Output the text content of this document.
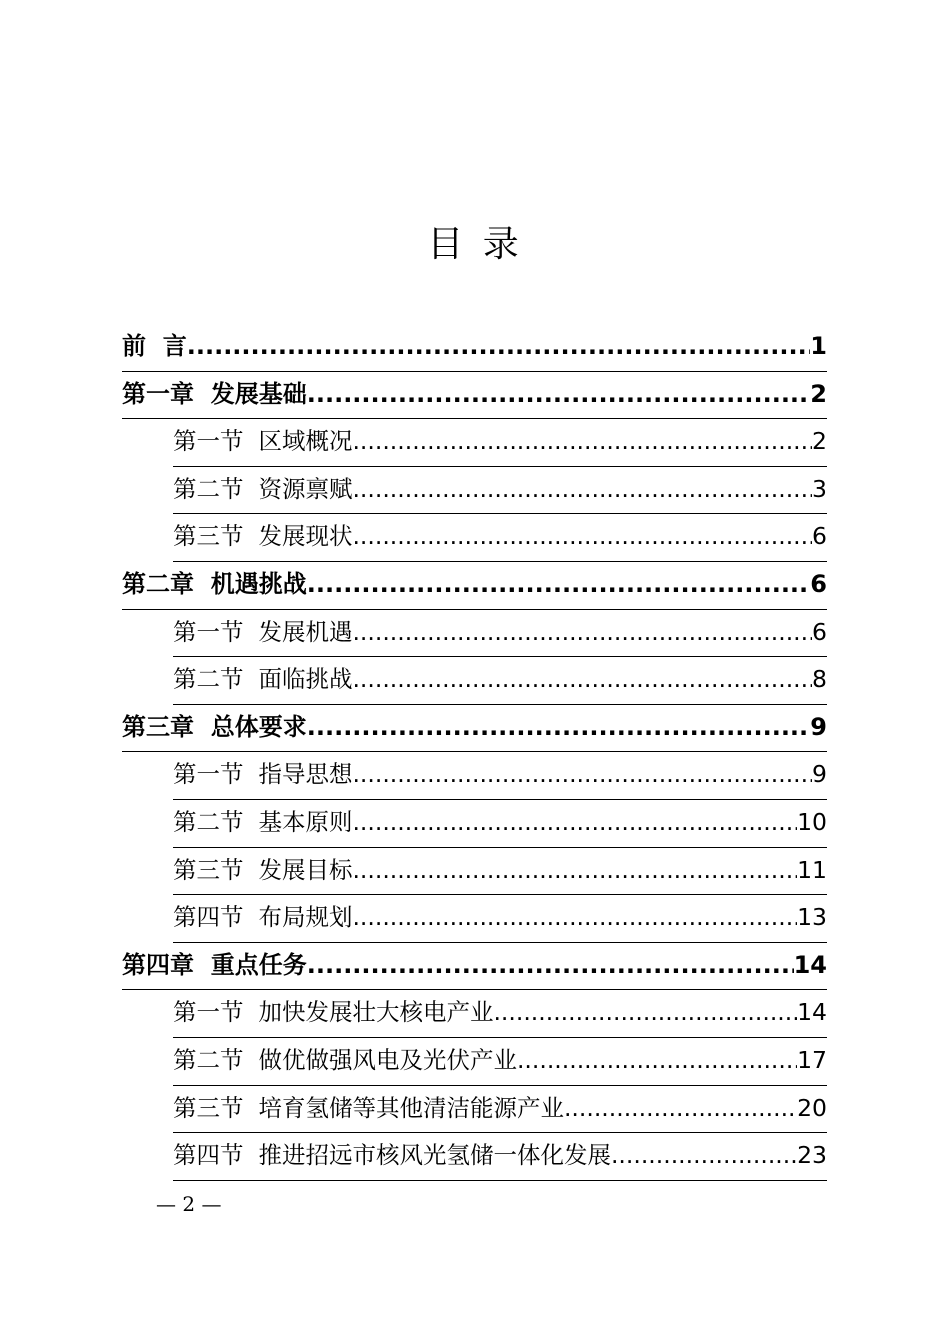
目 录
前  言 .....	1
第一章  发展基础 .....	2
第一节  区域概况 .....	2
第二节  资源禀赋 .....	3
第三节  发展现状 .....	6
第二章  机遇挑战 .....	6
第一节  发展机遇 .....	6
第二节  面临挑战 .....	8
第三章  总体要求 .....	9
第一节  指导思想 .....	9
第二节  基本原则 .....	10
第三节  发展目标 .....	11
第四节  布局规划 .....	13
第四章  重点任务 .....	14
第一节  加快发展壮大核电产业 .....	14
第二节  做优做强风电及光伏产业 .....	17
第三节  培育氢储等其他清洁能源产业 .....	20
第四节  推进招远市核风光氢储一体化发展 .....	23
— 2 —
